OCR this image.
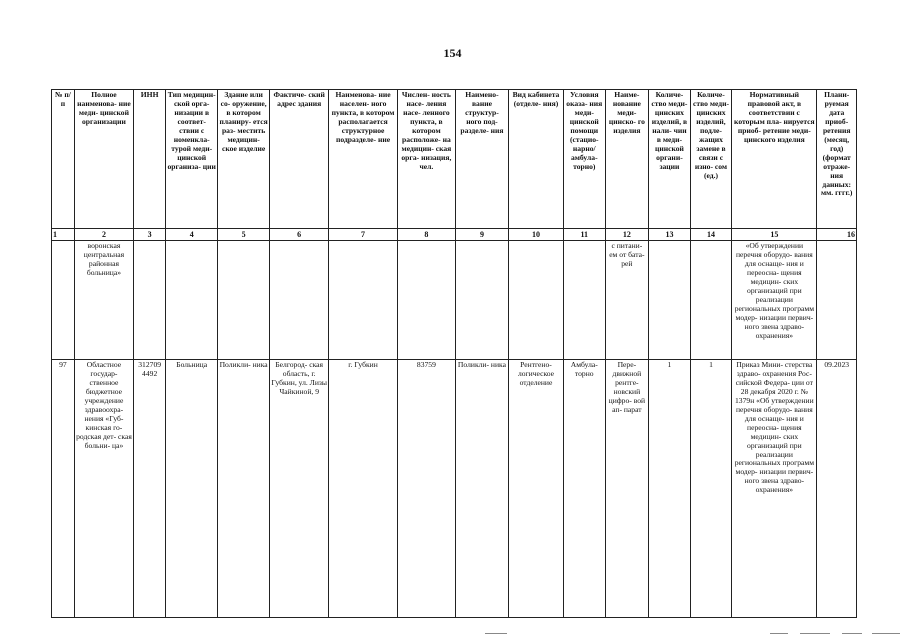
154
№ п/п	Полное наименова- ние меди- цинской организации	ИНН	Тип медицин- ской орга- низации в соответ- ствии с номенкла- турой меди- цинской организа- ции	Здание или со- оружение, в котором планиру- ется раз- местить медицин- ское изделие	Фактиче- ский адрес здания	Наименова- ние населен- ного пункта, в котором располагается структурное подразделе- ние	Числен- ность насе- ления насе- ленного пункта, в котором расположе- на медицин- ская орга- низация, чел.	Наимено- вание структур- ного под- разделе- ния	Вид кабинета (отделе- ния)	Условия оказа- ния меди- цинской помощи (стацио- нарно/ амбула- торно)	Наиме- нование меди- цинско- го изделия	Количе- ство меди- цинских изделий, в нали- чии в меди- цинской органи- зации	Количе- ство меди- цинских изделий, подле- жащих замене в связи с изно- сом (ед.)	Нормативный правовой акт, в соответствии с которым пла- нируется приоб- ретение меди- цинского изделия	Плани- руемая дата приоб- ретения (месяц, год) (формат отраже- ния данных: мм. гггг.)
1	2	3	4	5	6	7	8	9	10	11	12	13	14	15	16
	воронская центральная районная больница»										с питани- ем от бата- рей			«Об утверждении перечня оборудо- вания для оснаще- ния и переосна- щения медицин- ских организаций при реализации региональных программ модер- низации первич- ного звена здраво- охранения»	
97	Областное государ- ственное бюджетное учреждение здравоохра- нения «Губ- кинская го- родская дет- ская больни- ца»	312709 4492	Больница	Поликли- ника	Белгород- ская область, г. Губкин, ул. Лизы Чайкиной, 9	г. Губкин	83759	Поликли- ника	Рентгено- логическое отделение	Амбула- торно	Пере- движной рентге- новский цифро- вой ап- парат	1	1	Приказ Мини- стерства здраво- охранения Рос- сийской Федера- ции от 28 декабря 2020 г. № 1379н «Об утверждении перечня оборудо- вания для оснаще- ния и переосна- щения медицин- ских организаций при реализации региональных программ модер- низации первич- ного звена здраво- охранения»	09.2023
